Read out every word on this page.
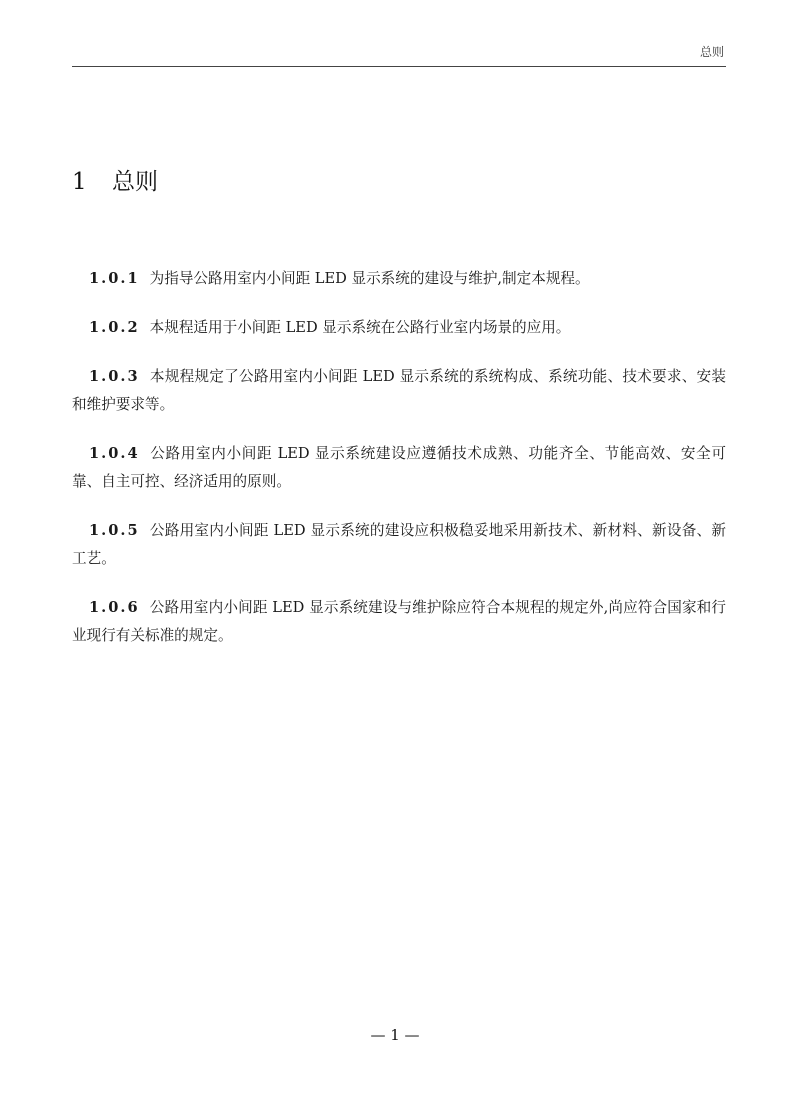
总则
1 总则

1.0.1 为指导公路用室内小间距 LED 显示系统的建设与维护,制定本规程。

1.0.2 本规程适用于小间距 LED 显示系统在公路行业室内场景的应用。

1.0.3 本规程规定了公路用室内小间距 LED 显示系统的系统构成、系统功能、技术要求、安装和维护要求等。

1.0.4 公路用室内小间距 LED 显示系统建设应遵循技术成熟、功能齐全、节能高效、安全可靠、自主可控、经济适用的原则。

1.0.5 公路用室内小间距 LED 显示系统的建设应积极稳妥地采用新技术、新材料、新设备、新工艺。

1.0.6 公路用室内小间距 LED 显示系统建设与维护除应符合本规程的规定外,尚应符合国家和行业现行有关标准的规定。

— 1 —
